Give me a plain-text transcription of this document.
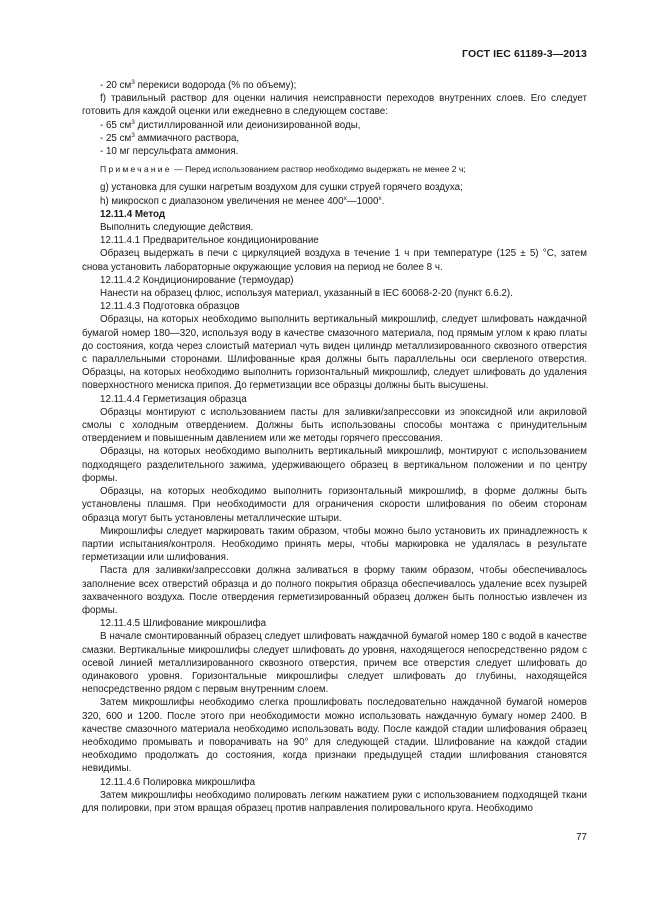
ГОСТ IEC 61189-3—2013

- 20 $см^3$ перекиси водорода (% по объему);

f) травильный раствор для оценки наличия неисправности переходов внутренних слоев. Его следует готовить для каждой оценки или ежедневно в следующем составе:

- 65 $см^3$ дистиллированной или деионизированной воды,

- 25 $см^3$ аммиачного раствора,

- 10 мг персульфата аммония.

Примечание — Перед использованием раствор необходимо выдержать не менее 2 ч;

g) установка для сушки нагретым воздухом для сушки струей горячего воздуха;

h) микроскоп с диапазоном увеличения не менее $400^х—1000^х$.

12.11.4 Метод

Выполнить следующие действия.

12.11.4.1 Предварительное кондиционирование

Образец выдержать в печи с циркуляцией воздуха в течение 1 ч при температуре (125 ± 5) °С, затем снова установить лабораторные окружающие условия на период не более 8 ч.

12.11.4.2 Кондиционирование (термоудар)

Нанести на образец флюс, используя материал, указанный в IEC 60068-2-20 (пункт 6.6.2).

12.11.4.3 Подготовка образцов

Образцы, на которых необходимо выполнить вертикальный микрошлиф, следует шлифовать наждачной бумагой номер 180—320, используя воду в качестве смазочного материала, под прямым углом к краю платы до состояния, когда через слоистый материал чуть виден цилиндр металлизированного сквозного отверстия с параллельными сторонами. Шлифованные края должны быть параллельны оси сверленого отверстия. Образцы, на которых необходимо выполнить горизонтальный микрошлиф, следует шлифовать до удаления поверхностного мениска припоя. До герметизации все образцы должны быть высушены.

12.11.4.4 Герметизация образца

Образцы монтируют с использованием пасты для заливки/запрессовки из эпоксидной или акриловой смолы с холодным отвердением. Должны быть использованы способы монтажа с принудительным отвердением и повышенным давлением или же методы горячего прессования.

Образцы, на которых необходимо выполнить вертикальный микрошлиф, монтируют с использованием подходящего разделительного зажима, удерживающего образец в вертикальном положении и по центру формы.

Образцы, на которых необходимо выполнить горизонтальный микрошлиф, в форме должны быть установлены плашмя. При необходимости для ограничения скорости шлифования по обеим сторонам образца могут быть установлены металлические штыри.

Микрошлифы следует маркировать таким образом, чтобы можно было установить их принадлежность к партии испытания/контроля. Необходимо принять меры, чтобы маркировка не удалялась в результате герметизации или шлифования.

Паста для заливки/запрессовки должна заливаться в форму таким образом, чтобы обеспечивалось заполнение всех отверстий образца и до полного покрытия образца обеспечивалось удаление всех пузырей захваченного воздуха. После отвердения герметизированный образец должен быть полностью извлечен из формы.

12.11.4.5 Шлифование микрошлифа

В начале смонтированный образец следует шлифовать наждачной бумагой номер 180 с водой в качестве смазки. Вертикальные микрошлифы следует шлифовать до уровня, находящегося непосредственно рядом с осевой линией металлизированного сквозного отверстия, причем все отверстия следует шлифовать до одинакового уровня. Горизонтальные микрошлифы следует шлифовать до глубины, находящейся непосредственно рядом с первым внутренним слоем.

Затем микрошлифы необходимо слегка прошлифовать последовательно наждачной бумагой номеров 320, 600 и 1200. После этого при необходимости можно использовать наждачную бумагу номер 2400. В качестве смазочного материала необходимо использовать воду. После каждой стадии шлифования образец необходимо промывать и поворачивать на 90° для следующей стадии. Шлифование на каждой стадии необходимо продолжать до состояния, когда признаки предыдущей стадии шлифования становятся невидимы.

12.11.4.6 Полировка микрошлифа

Затем микрошлифы необходимо полировать легким нажатием руки с использованием подходящей ткани для полировки, при этом вращая образец против направления полировального круга. Необходимо

77
